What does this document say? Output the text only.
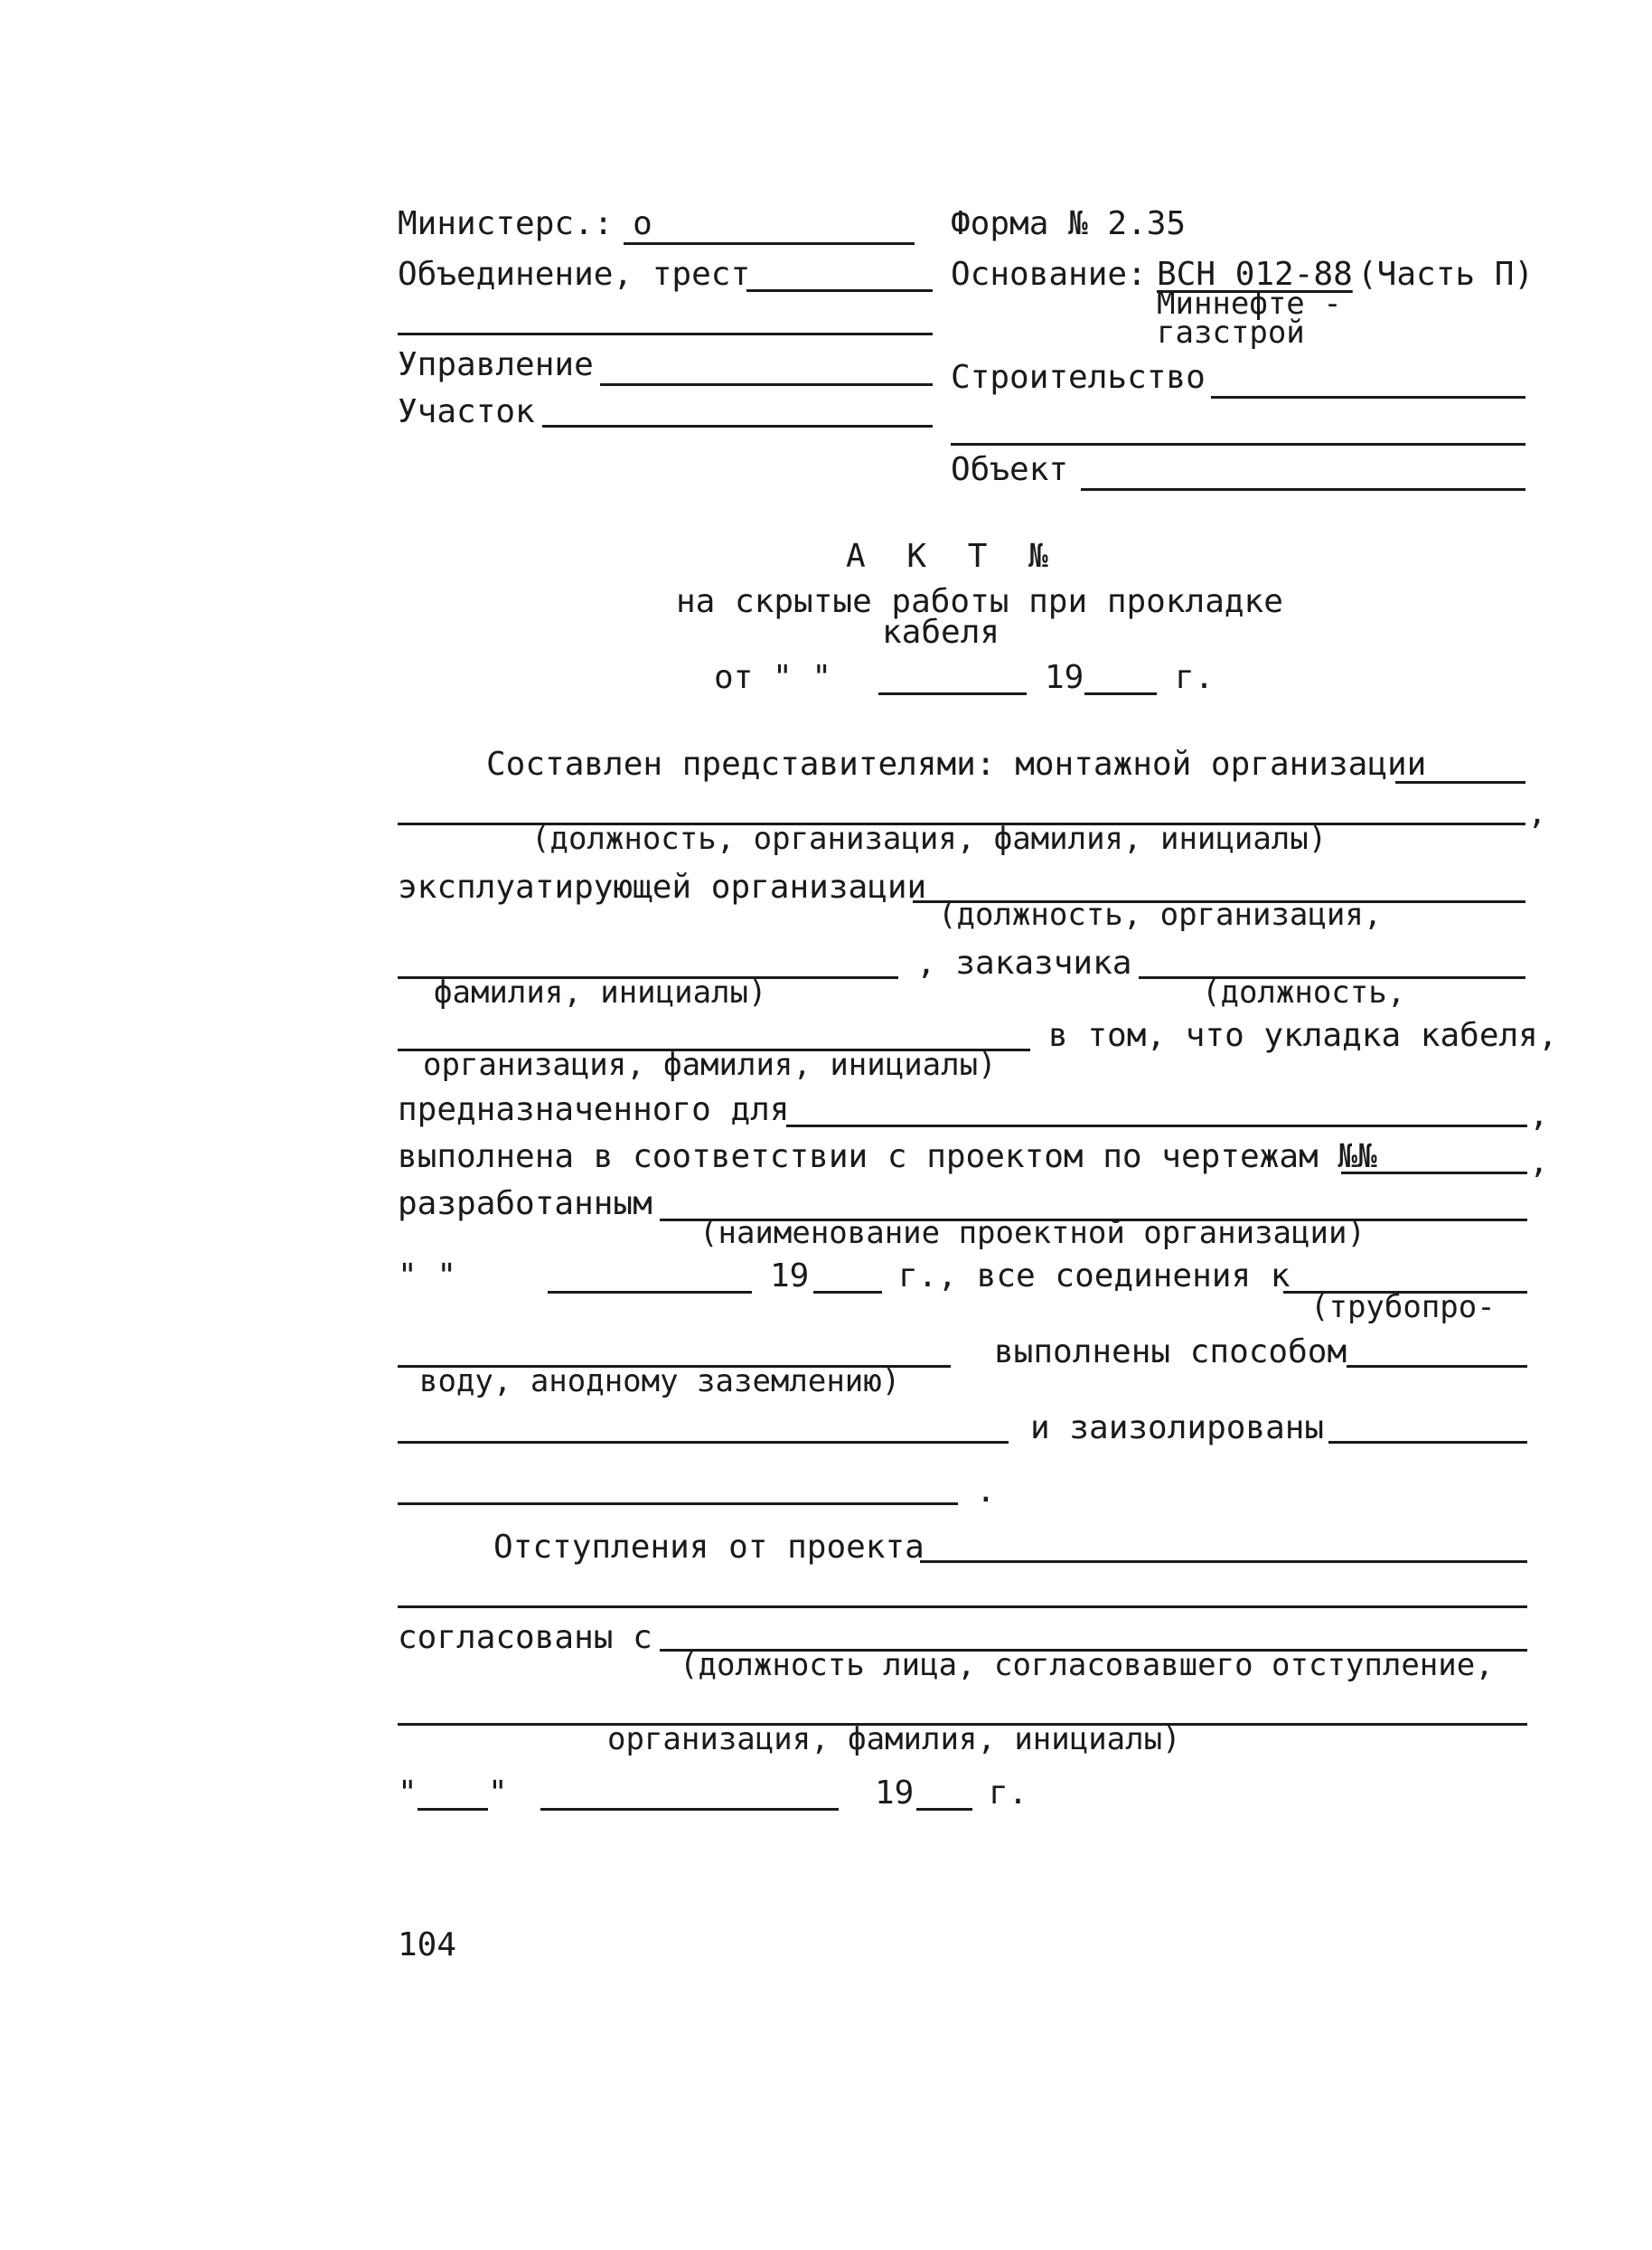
Министерс.: о	Форма № 2.35
Объединение, трест	Основание: ВСН 012-88 (Часть П)
Миннефте -
газстрой
Управление	Строительство
Участок
Объект
А К Т №
на скрытые работы при прокладке
кабеля
от " "	19	г.
Составлен представителями: монтажной организации
,
(должность, организация, фамилия, инициалы)
эксплуатирующей организации
(должность, организация,
, заказчика
фамилия, инициалы)	(должность,
в том, что укладка кабеля,
организация, фамилия, инициалы)
предназначенного для	,
выполнена в соответствии с проектом по чертежам №№	,
разработанным
(наименование проектной организации)
" "	19	г., все соединения к
(трубопро-
выполнены способом
воду, анодному заземлению)
и заизолированы
.
Отступления от проекта
согласованы с
(должность лица, согласовавшего отступление,
организация, фамилия, инициалы)
" "	19 г.
104
